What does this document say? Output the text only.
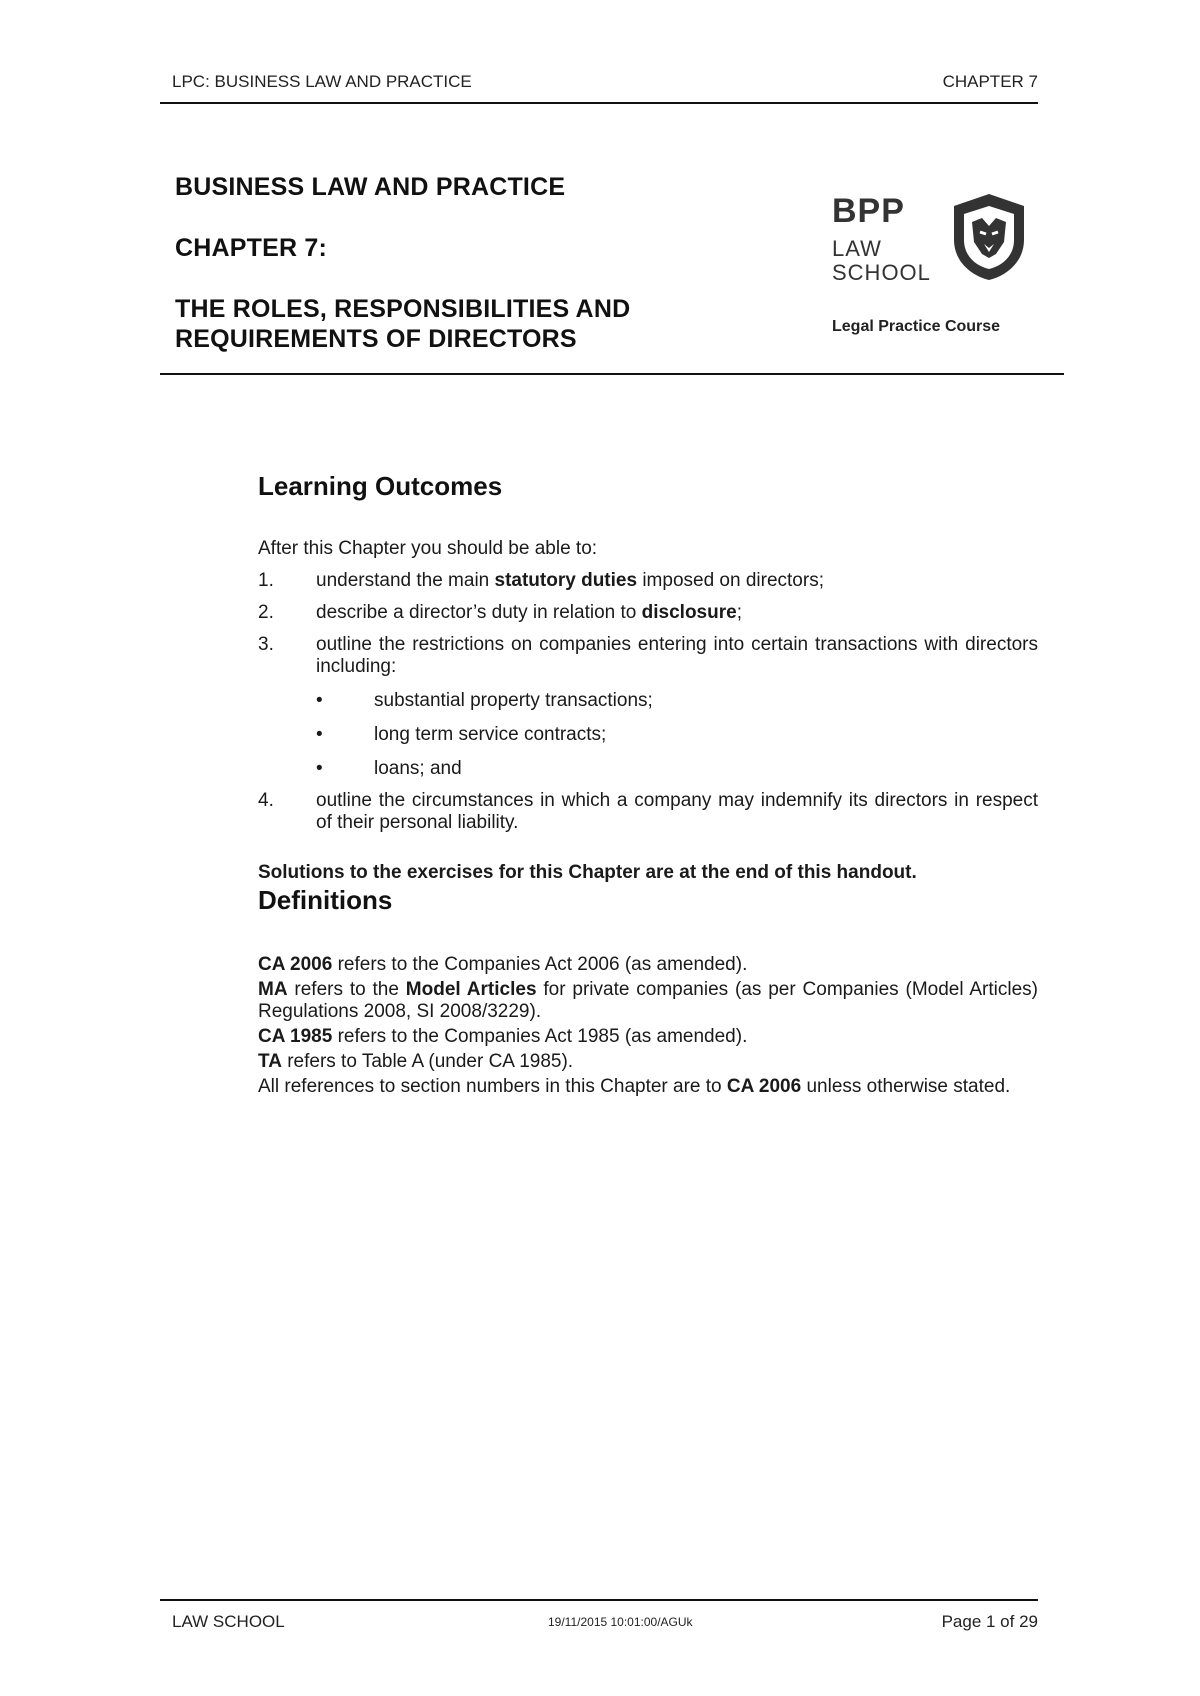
LPC: BUSINESS LAW AND PRACTICE	CHAPTER 7
BUSINESS LAW AND PRACTICE
CHAPTER 7:
THE ROLES, RESPONSIBILITIES AND
REQUIREMENTS OF DIRECTORS
BPP
LAW
SCHOOL
Legal Practice Course
Learning Outcomes
After this Chapter you should be able to:
1.	understand the main statutory duties imposed on directors;
2.	describe a director’s duty in relation to disclosure;
3.	outline the restrictions on companies entering into certain transactions with directors including:
•	substantial property transactions;
•	long term service contracts;
•	loans; and
4.	outline the circumstances in which a company may indemnify its directors in respect of their personal liability.
Solutions to the exercises for this Chapter are at the end of this handout.
Definitions

CA 2006 refers to the Companies Act 2006 (as amended).

MA refers to the Model Articles for private companies (as per Companies (Model Articles) Regulations 2008, SI 2008/3229).

CA 1985 refers to the Companies Act 1985 (as amended).

TA refers to Table A (under CA 1985).

All references to section numbers in this Chapter are to CA 2006 unless otherwise stated.

LAW SCHOOL	19/11/2015 10:01:00/AGUk	Page 1 of 29
